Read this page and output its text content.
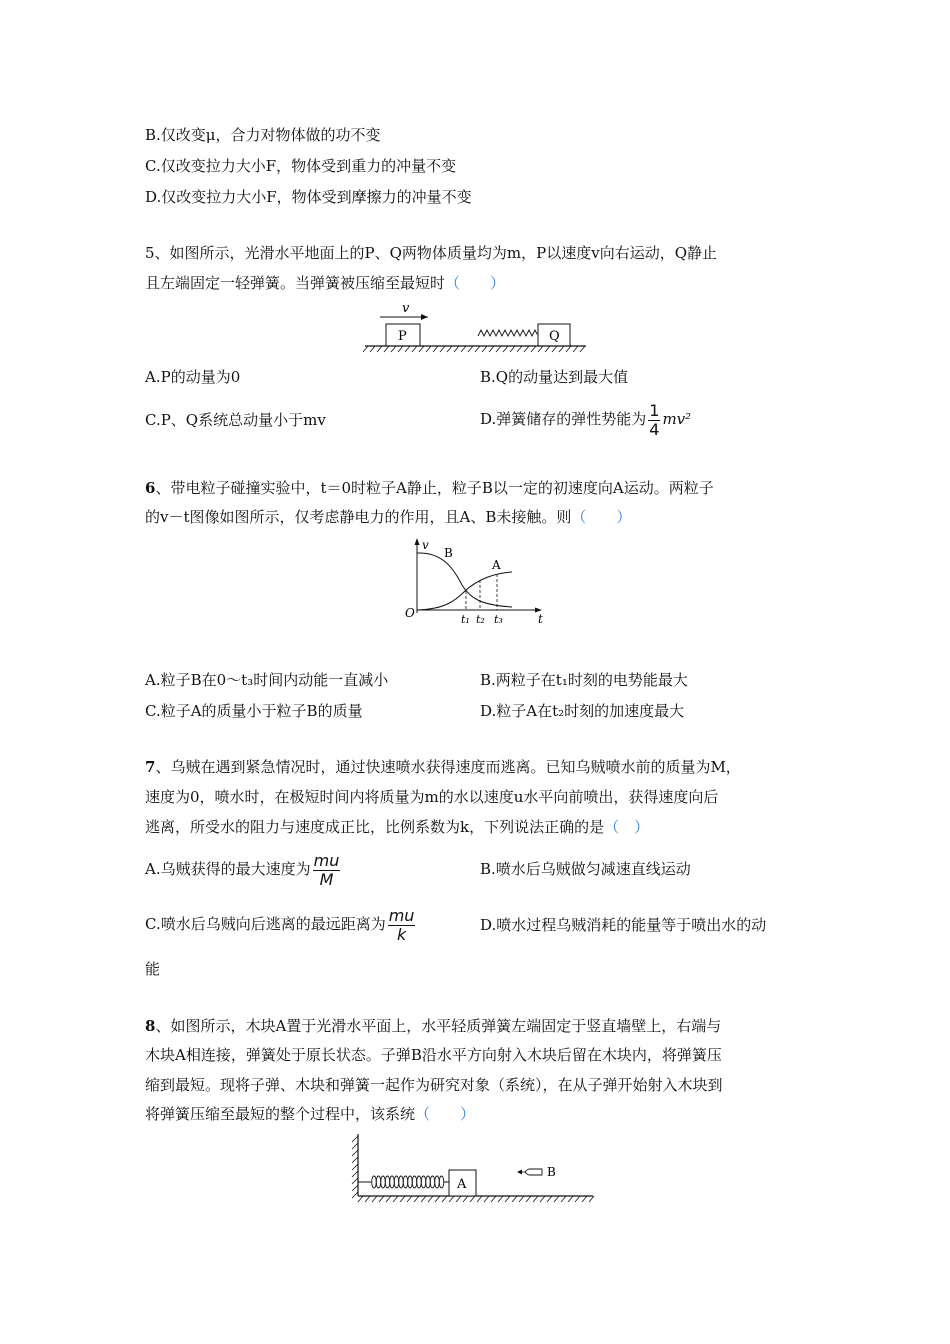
B.仅改变μ，合力对物体做的功不变
C.仅改变拉力大小F，物体受到重力的冲量不变
D.仅改变拉力大小F，物体受到摩擦力的冲量不变
5、如图所示，光滑水平地面上的P、Q两物体质量均为m，P以速度v向右运动，Q静止
且左端固定一轻弹簧。当弹簧被压缩至最短时（　　）
v
P	Q
A.P的动量为0	B.Q的动量达到最大值
C.P、Q系统总动量小于mv	D.弹簧储存的弹性势能为 $\frac{1}{4} mv^2$
6、带电粒子碰撞实验中，t＝0时粒子A静止，粒子B以一定的初速度向A运动。两粒子
的v－t图像如图所示，仅考虑静电力的作用，且A、B未接触。则（　　）
v
t
O
B
A
t₁ t₂ t₃
A.粒子B在0～t₃时间内动能一直减小	B.两粒子在t₁时刻的电势能最大
C.粒子A的质量小于粒子B的质量	D.粒子A在t₂时刻的加速度最大
7、乌贼在遇到紧急情况时，通过快速喷水获得速度而逃离。已知乌贼喷水前的质量为M，
速度为0，喷水时，在极短时间内将质量为m的水以速度u水平向前喷出，获得速度向后
逃离，所受水的阻力与速度成正比，比例系数为k，下列说法正确的是（　）
A.乌贼获得的最大速度为 $\frac{mu}{M}$	B.喷水后乌贼做匀减速直线运动
C.喷水后乌贼向后逃离的最远距离为 $\frac{mu}{k}$	D.喷水过程乌贼消耗的能量等于喷出水的动
能
8、如图所示，木块A置于光滑水平面上，水平轻质弹簧左端固定于竖直墙壁上，右端与
木块A相连接，弹簧处于原长状态。子弹B沿水平方向射入木块后留在木块内，将弹簧压
缩到最短。现将子弹、木块和弹簧一起作为研究对象（系统），在从子弹开始射入木块到
将弹簧压缩至最短的整个过程中，该系统（　　）
A
B
